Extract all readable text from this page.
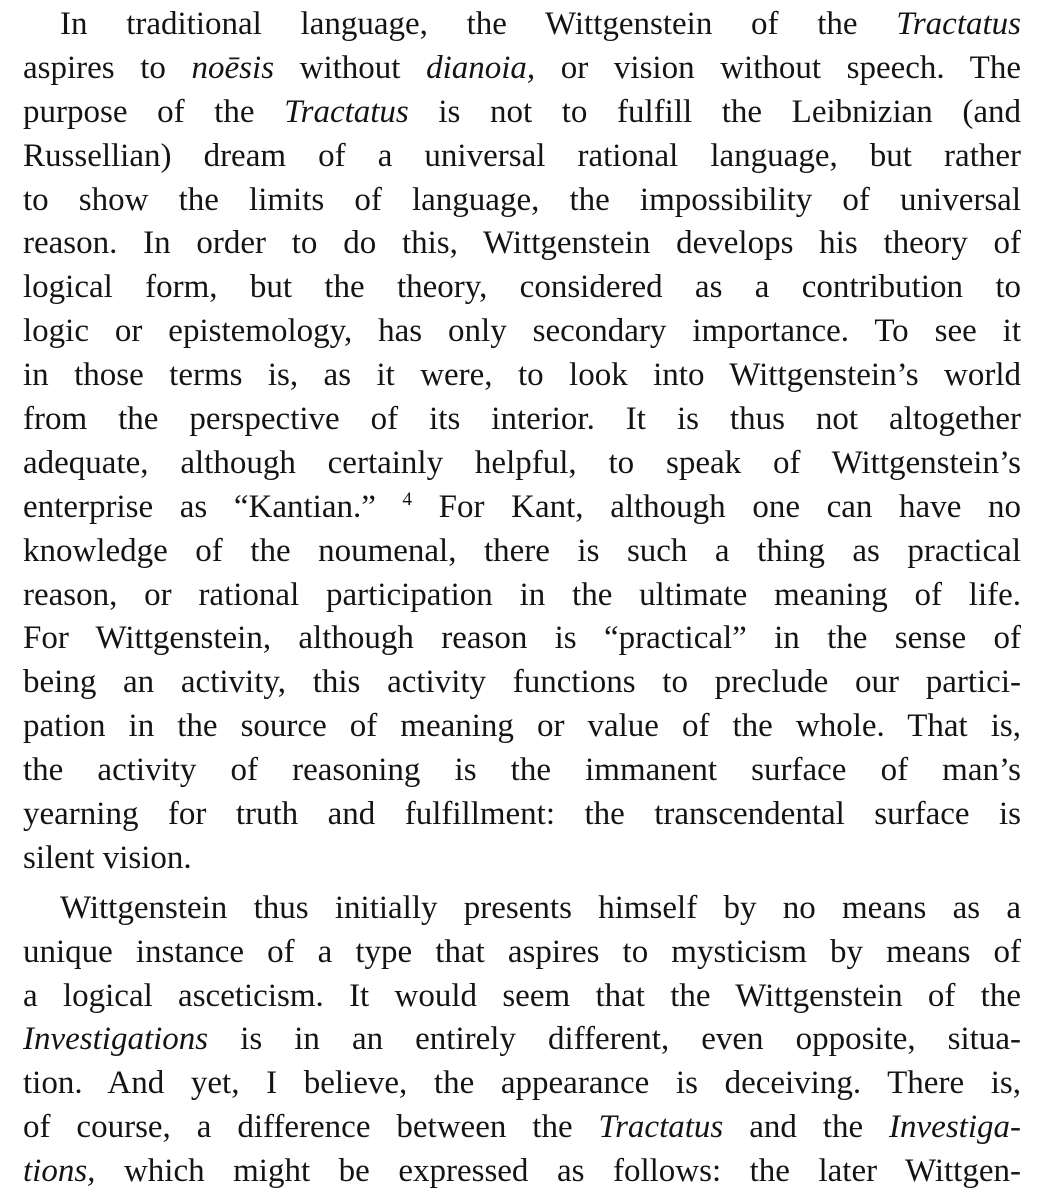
In traditional language, the Wittgenstein of the Tractatus
aspires to noēsis without dianoia, or vision without speech. The
purpose of the Tractatus is not to fulfill the Leibnizian (and
Russellian) dream of a universal rational language, but rather
to show the limits of language, the impossibility of universal
reason. In order to do this, Wittgenstein develops his theory of
logical form, but the theory, considered as a contribution to
logic or epistemology, has only secondary importance. To see it
in those terms is, as it were, to look into Wittgenstein’s world
from the perspective of its interior. It is thus not altogether
adequate, although certainly helpful, to speak of Wittgenstein’s
enterprise as “Kantian.” $^4$ For Kant, although one can have no
knowledge of the noumenal, there is such a thing as practical
reason, or rational participation in the ultimate meaning of life.
For Wittgenstein, although reason is “practical” in the sense of
being an activity, this activity functions to preclude our partici-
pation in the source of meaning or value of the whole. That is,
the activity of reasoning is the immanent surface of man’s
yearning for truth and fulfillment: the transcendental surface is
silent vision.
Wittgenstein thus initially presents himself by no means as a
unique instance of a type that aspires to mysticism by means of
a logical asceticism. It would seem that the Wittgenstein of the
Investigations is in an entirely different, even opposite, situa-
tion. And yet, I believe, the appearance is deceiving. There is,
of course, a difference between the Tractatus and the Investiga-
tions, which might be expressed as follows: the later Wittgen-
